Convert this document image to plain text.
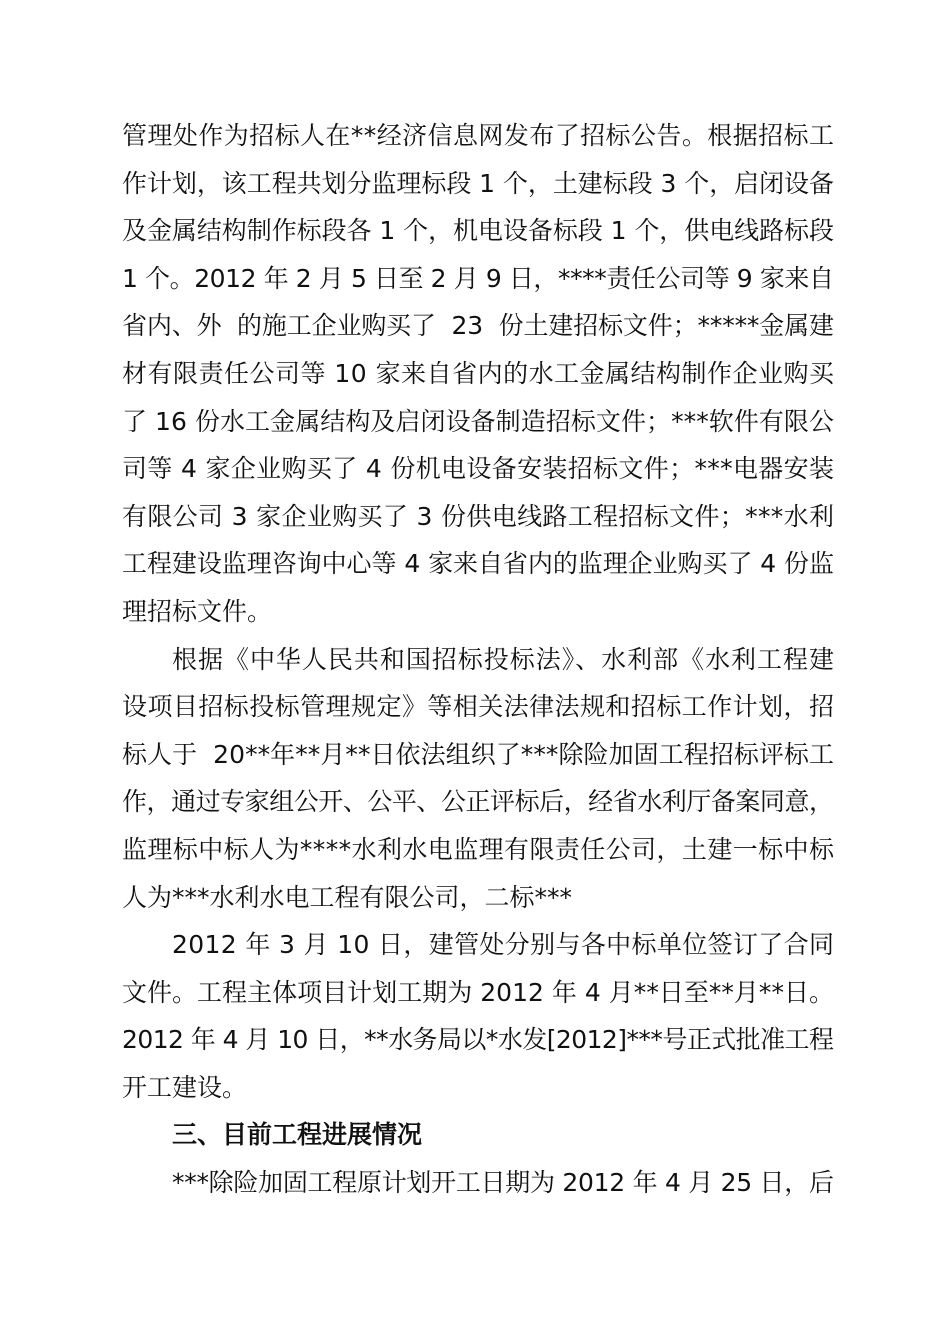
管理处作为招标人在**经济信息网发布了招标公告。根据招标工
作计划，该工程共划分监理标段 1 个，土建标段 3 个，启闭设备
及金属结构制作标段各 1 个，机电设备标段 1 个，供电线路标段
1 个。2012 年 2 月 5 日至 2 月 9 日，****责任公司等 9 家来自
省内、外  的施工企业购买了  23  份土建招标文件；*****金属建
材有限责任公司等 10 家来自省内的水工金属结构制作企业购买
了 16 份水工金属结构及启闭设备制造招标文件；***软件有限公
司等 4 家企业购买了 4 份机电设备安装招标文件；***电器安装
有限公司 3 家企业购买了 3 份供电线路工程招标文件；***水利
工程建设监理咨询中心等 4 家来自省内的监理企业购买了 4 份监
理招标文件。
根据《中华人民共和国招标投标法》、水利部《水利工程建
设项目招标投标管理规定》等相关法律法规和招标工作计划，招
标人于  20**年**月**日依法组织了***除险加固工程招标评标工
作，通过专家组公开、公平、公正评标后，经省水利厅备案同意，
监理标中标人为****水利水电监理有限责任公司，土建一标中标
人为***水利水电工程有限公司，二标***
2012 年 3 月 10 日，建管处分别与各中标单位签订了合同
文件。工程主体项目计划工期为 2012 年 4 月**日至**月**日。
2012 年 4 月 10 日，**水务局以*水发[2012]***号正式批准工程
开工建设。
三、目前工程进展情况
***除险加固工程原计划开工日期为 2012 年 4 月 25 日，后
